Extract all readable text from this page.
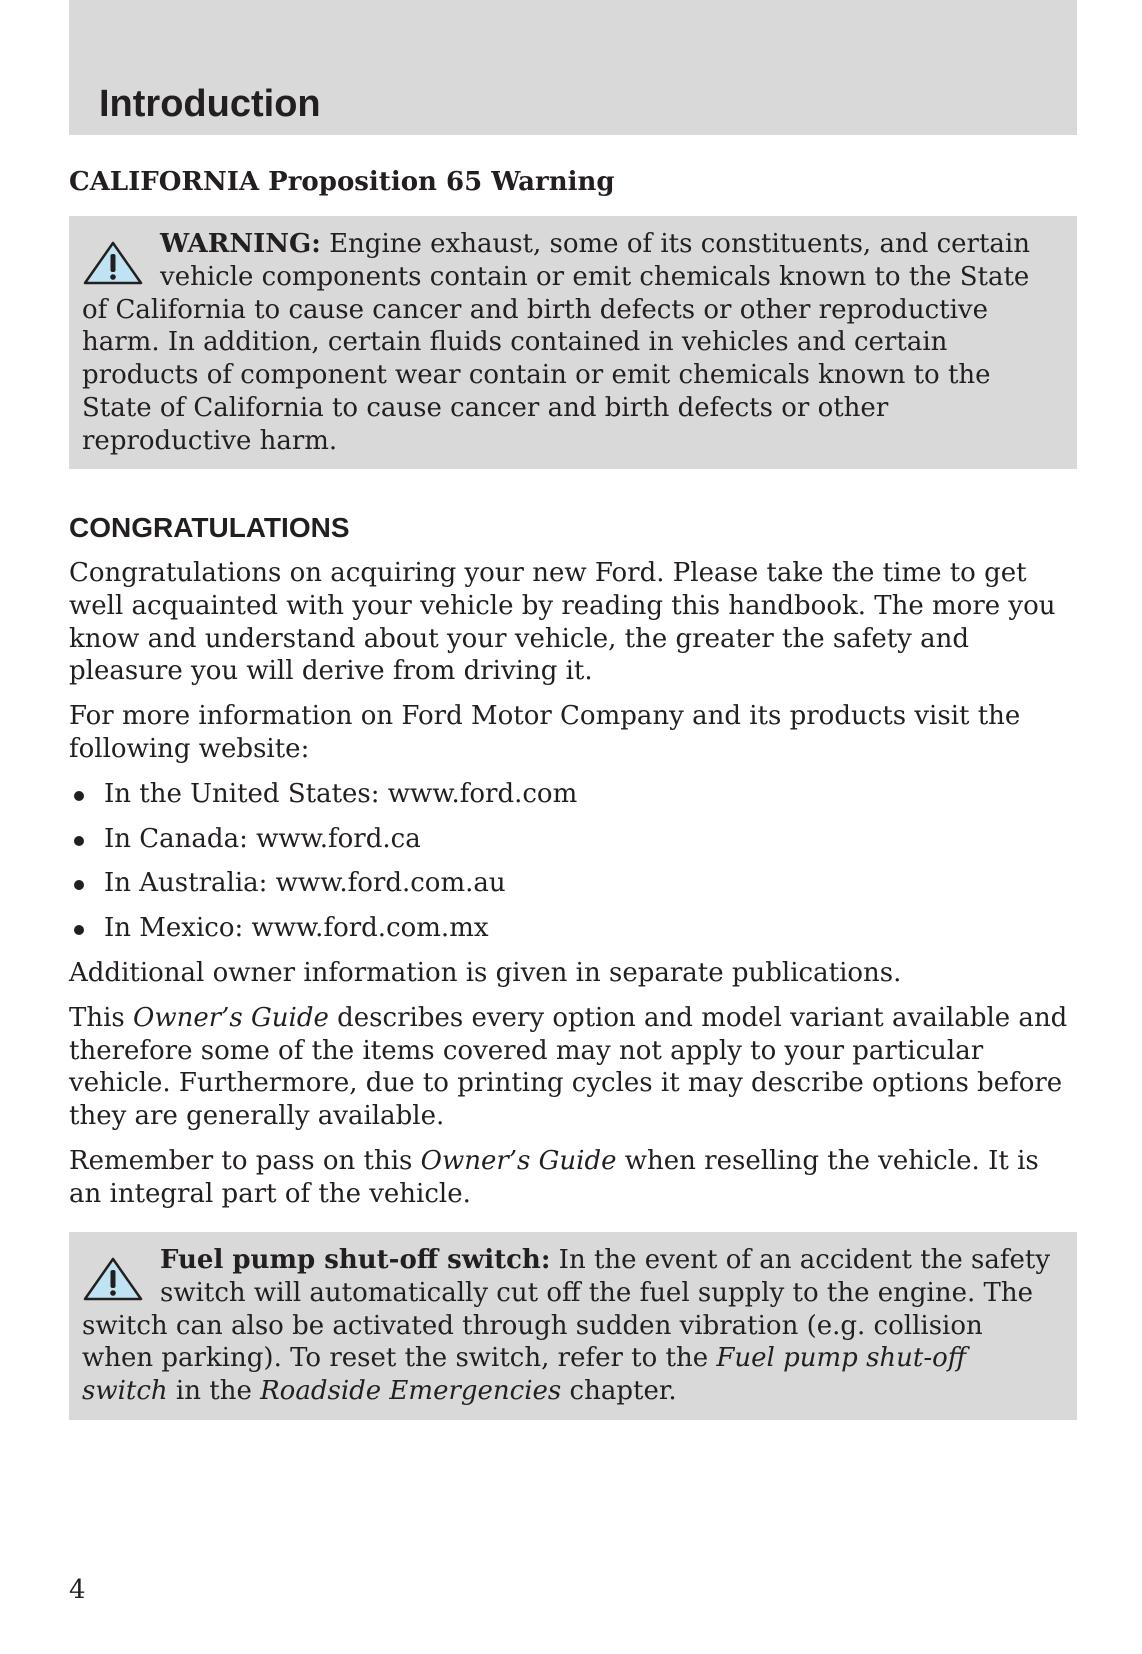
Introduction
CALIFORNIA Proposition 65 Warning

WARNING: Engine exhaust, some of its constituents, and certain vehicle components contain or emit chemicals known to the State of California to cause cancer and birth defects or other reproductive harm. In addition, certain fluids contained in vehicles and certain products of component wear contain or emit chemicals known to the State of California to cause cancer and birth defects or other reproductive harm.

CONGRATULATIONS

Congratulations on acquiring your new Ford. Please take the time to get well acquainted with your vehicle by reading this handbook. The more you know and understand about your vehicle, the greater the safety and pleasure you will derive from driving it.

For more information on Ford Motor Company and its products visit the following website:

In the United States: www.ford.com
In Canada: www.ford.ca
In Australia: www.ford.com.au
In Mexico: www.ford.com.mx

Additional owner information is given in separate publications.

This Owner’s Guide describes every option and model variant available and therefore some of the items covered may not apply to your particular vehicle. Furthermore, due to printing cycles it may describe options before they are generally available.

Remember to pass on this Owner’s Guide when reselling the vehicle. It is an integral part of the vehicle.

Fuel pump shut-off switch: In the event of an accident the safety switch will automatically cut off the fuel supply to the engine. The switch can also be activated through sudden vibration (e.g. collision when parking). To reset the switch, refer to the Fuel pump shut-off switch in the Roadside Emergencies chapter.

4
